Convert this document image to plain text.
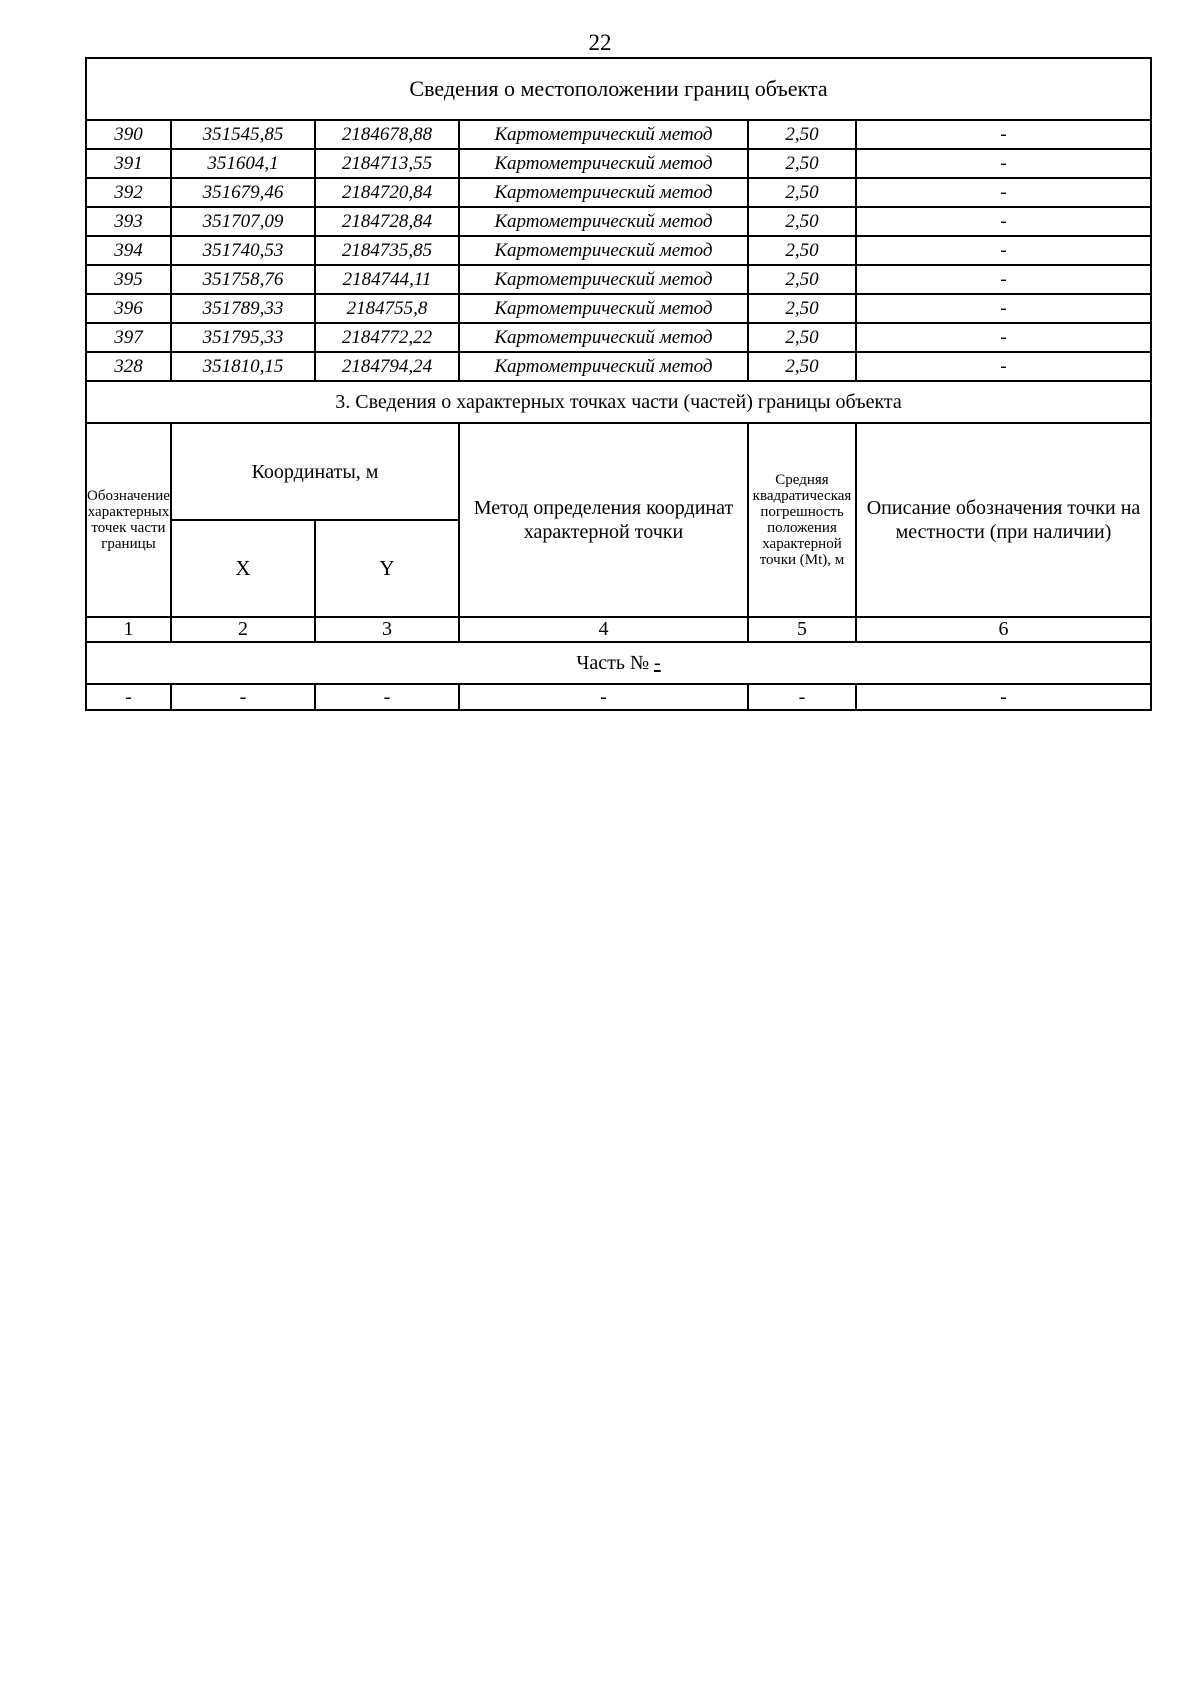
22
Сведения о местоположении границ объекта					
390	351545,85	2184678,88	Картометрический метод	2,50	-
391	351604,1	2184713,55	Картометрический метод	2,50	-
392	351679,46	2184720,84	Картометрический метод	2,50	-
393	351707,09	2184728,84	Картометрический метод	2,50	-
394	351740,53	2184735,85	Картометрический метод	2,50	-
395	351758,76	2184744,11	Картометрический метод	2,50	-
396	351789,33	2184755,8	Картометрический метод	2,50	-
397	351795,33	2184772,22	Картометрический метод	2,50	-
328	351810,15	2184794,24	Картометрический метод	2,50	-
3. Сведения о характерных точках части (частей) границы объекта					
Обозначение характерных точек части границы	Координаты, м		Метод определения координат характерной точки	Средняя квадратическая погрешность положения характерной точки (Mt), м	Описание обозначения точки на местности (при наличии)
	X	Y			
1	2	3	4	5	6
Часть № -					
-	-	-	-	-	-
